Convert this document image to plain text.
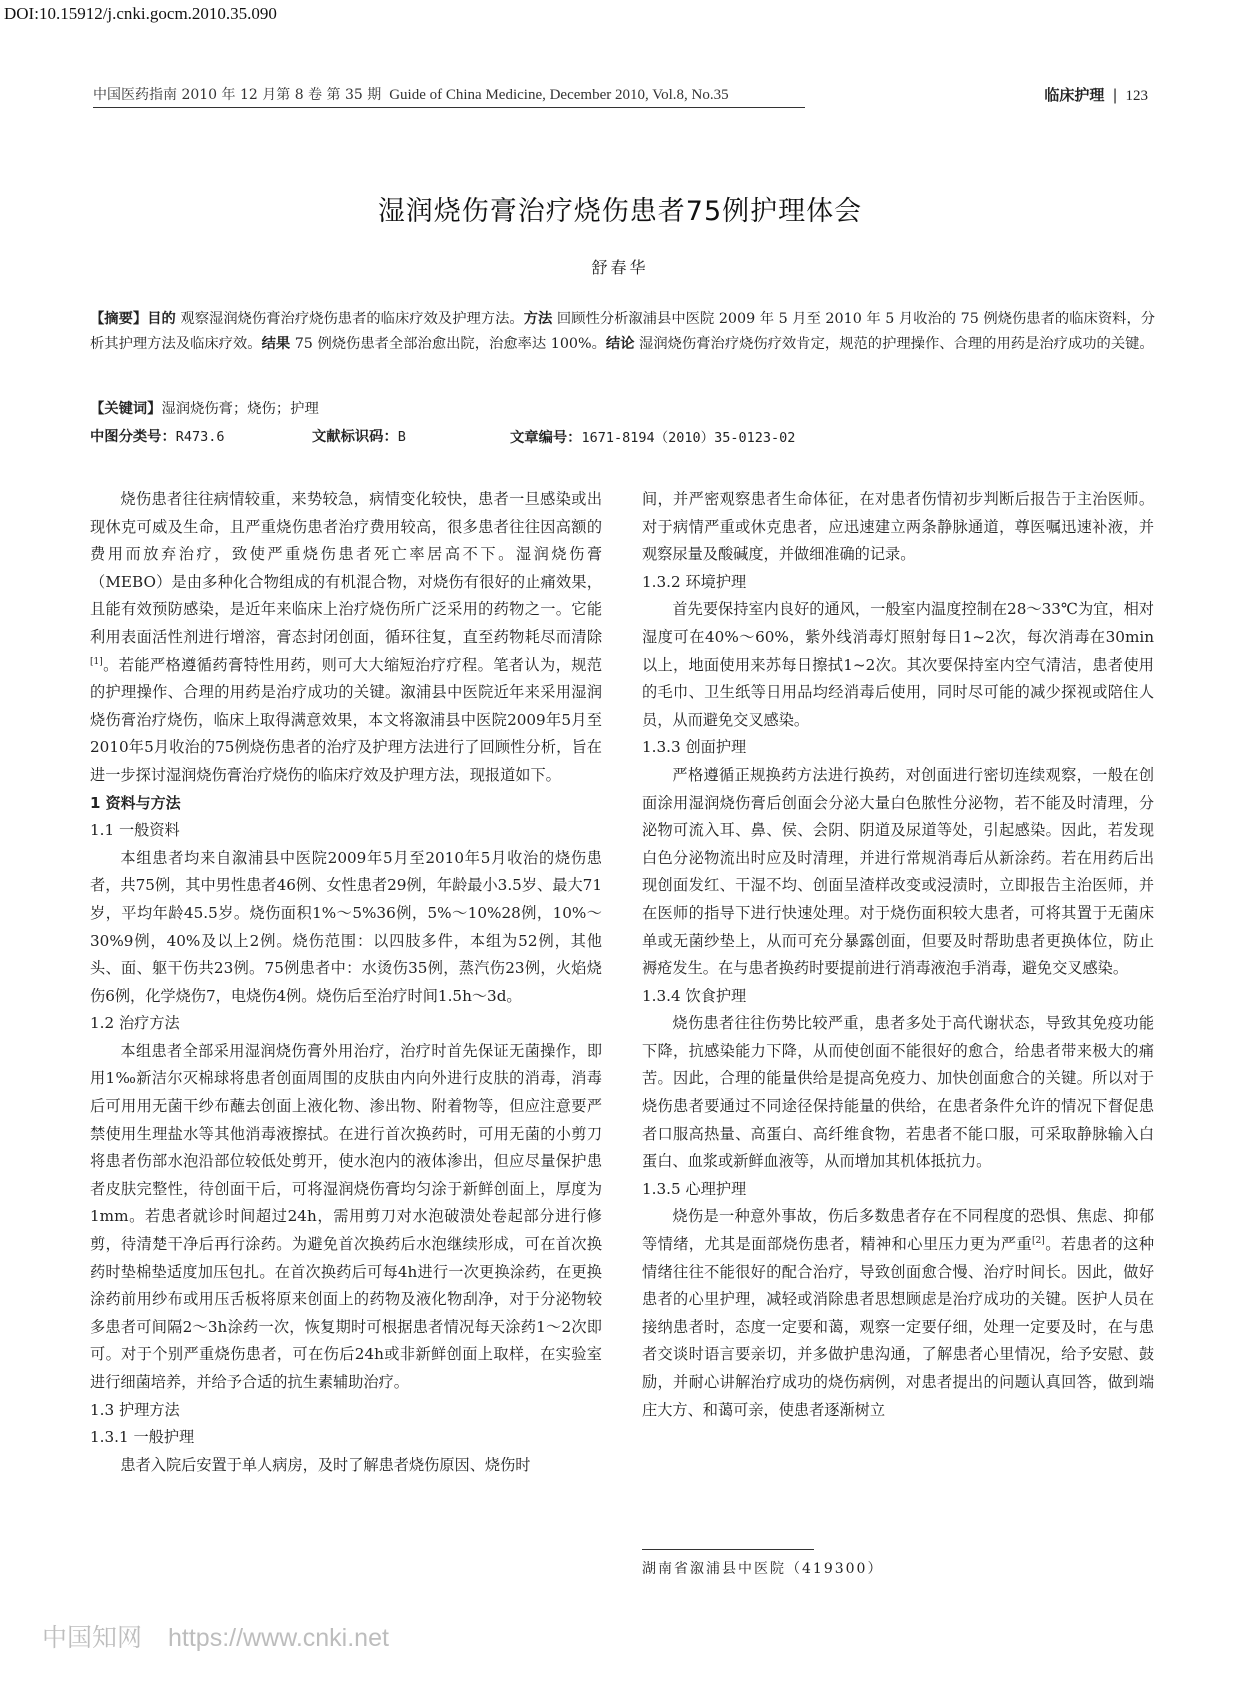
DOI:10.15912/j.cnki.gocm.2010.35.090
中国医药指南 2010 年 12 月第 8 卷 第 35 期 Guide of China Medicine, December 2010, Vol.8, No.35	临床护理 | 123
湿润烧伤膏治疗烧伤患者75例护理体会
舒春华
【摘要】目的 观察湿润烧伤膏治疗烧伤患者的临床疗效及护理方法。方法 回顾性分析溆浦县中医院 2009 年 5 月至 2010 年 5 月收治的 75 例烧伤患者的临床资料，分析其护理方法及临床疗效。结果 75 例烧伤患者全部治愈出院，治愈率达 100%。结论 湿润烧伤膏治疗烧伤疗效肯定，规范的护理操作、合理的用药是治疗成功的关键。
【关键词】湿润烧伤膏；烧伤；护理
中图分类号：R473.6	文献标识码：B	文章编号：1671-8194（2010）35-0123-02

烧伤患者往往病情较重，来势较急，病情变化较快，患者一旦感染或出现休克可威及生命，且严重烧伤患者治疗费用较高，很多患者往往因高额的费用而放弃治疗，致使严重烧伤患者死亡率居高不下。湿润烧伤膏（MEBO）是由多种化合物组成的有机混合物，对烧伤有很好的止痛效果，且能有效预防感染，是近年来临床上治疗烧伤所广泛采用的药物之一。它能利用表面活性剂进行增溶，膏态封闭创面，循环往复，直至药物耗尽而清除[1]。若能严格遵循药膏特性用药，则可大大缩短治疗疗程。笔者认为，规范的护理操作、合理的用药是治疗成功的关键。溆浦县中医院近年来采用湿润烧伤膏治疗烧伤，临床上取得满意效果，本文将溆浦县中医院2009年5月至2010年5月收治的75例烧伤患者的治疗及护理方法进行了回顾性分析，旨在进一步探讨湿润烧伤膏治疗烧伤的临床疗效及护理方法，现报道如下。

1 资料与方法

1.1 一般资料

本组患者均来自溆浦县中医院2009年5月至2010年5月收治的烧伤患者，共75例，其中男性患者46例、女性患者29例，年龄最小3.5岁、最大71岁，平均年龄45.5岁。烧伤面积1%～5%36例，5%～10%28例，10%～30%9例，40%及以上2例。烧伤范围：以四肢多件，本组为52例，其他头、面、躯干伤共23例。75例患者中：水烫伤35例，蒸汽伤23例，火焰烧伤6例，化学烧伤7，电烧伤4例。烧伤后至治疗时间1.5h～3d。

1.2 治疗方法

本组患者全部采用湿润烧伤膏外用治疗，治疗时首先保证无菌操作，即用1‰新洁尔灭棉球将患者创面周围的皮肤由内向外进行皮肤的消毒，消毒后可用用无菌干纱布蘸去创面上液化物、渗出物、附着物等，但应注意要严禁使用生理盐水等其他消毒液擦拭。在进行首次换药时，可用无菌的小剪刀将患者伤部水泡沿部位较低处剪开，使水泡内的液体渗出，但应尽量保护患者皮肤完整性，待创面干后，可将湿润烧伤膏均匀涂于新鲜创面上，厚度为1mm。若患者就诊时间超过24h，需用剪刀对水泡破溃处卷起部分进行修剪，待清楚干净后再行涂药。为避免首次换药后水泡继续形成，可在首次换药时垫棉垫适度加压包扎。在首次换药后可每4h进行一次更换涂药，在更换涂药前用纱布或用压舌板将原来创面上的药物及液化物刮净，对于分泌物较多患者可间隔2～3h涂药一次，恢复期时可根据患者情况每天涂药1～2次即可。对于个别严重烧伤患者，可在伤后24h或非新鲜创面上取样，在实验室进行细菌培养，并给予合适的抗生素辅助治疗。

1.3 护理方法

1.3.1 一般护理

患者入院后安置于单人病房，及时了解患者烧伤原因、烧伤时

间，并严密观察患者生命体征，在对患者伤情初步判断后报告于主治医师。对于病情严重或休克患者，应迅速建立两条静脉通道，尊医嘱迅速补液，并观察尿量及酸碱度，并做细准确的记录。

1.3.2 环境护理

首先要保持室内良好的通风，一般室内温度控制在28～33℃为宜，相对湿度可在40%～60%，紫外线消毒灯照射每日1~2次，每次消毒在30min以上，地面使用来苏每日擦拭1~2次。其次要保持室内空气清洁，患者使用的毛巾、卫生纸等日用品均经消毒后使用，同时尽可能的减少探视或陪住人员，从而避免交叉感染。

1.3.3 创面护理

严格遵循正规换药方法进行换药，对创面进行密切连续观察，一般在创面涂用湿润烧伤膏后创面会分泌大量白色脓性分泌物，若不能及时清理，分泌物可流入耳、鼻、侯、会阴、阴道及尿道等处，引起感染。因此，若发现白色分泌物流出时应及时清理，并进行常规消毒后从新涂药。若在用药后出现创面发红、干湿不均、创面呈渣样改变或浸渍时，立即报告主治医师，并在医师的指导下进行快速处理。对于烧伤面积较大患者，可将其置于无菌床单或无菌纱垫上，从而可充分暴露创面，但要及时帮助患者更换体位，防止褥疮发生。在与患者换药时要提前进行消毒液泡手消毒，避免交叉感染。

1.3.4 饮食护理

烧伤患者往往伤势比较严重，患者多处于高代谢状态，导致其免疫功能下降，抗感染能力下降，从而使创面不能很好的愈合，给患者带来极大的痛苦。因此，合理的能量供给是提高免疫力、加快创面愈合的关键。所以对于烧伤患者要通过不同途径保持能量的供给，在患者条件允许的情况下督促患者口服高热量、高蛋白、高纤维食物，若患者不能口服，可采取静脉输入白蛋白、血浆或新鲜血液等，从而增加其机体抵抗力。

1.3.5 心理护理

烧伤是一种意外事故，伤后多数患者存在不同程度的恐惧、焦虑、抑郁等情绪，尤其是面部烧伤患者，精神和心里压力更为严重[2]。若患者的这种情绪往往不能很好的配合治疗，导致创面愈合慢、治疗时间长。因此，做好患者的心里护理，减轻或消除患者思想顾虑是治疗成功的关键。医护人员在接纳患者时，态度一定要和蔼，观察一定要仔细，处理一定要及时，在与患者交谈时语言要亲切，并多做护患沟通，了解患者心里情况，给予安慰、鼓励，并耐心讲解治疗成功的烧伤病例，对患者提出的问题认真回答，做到端庄大方、和蔼可亲，使患者逐渐树立

湖南省溆浦县中医院（419300）
中国知网 https://www.cnki.net
